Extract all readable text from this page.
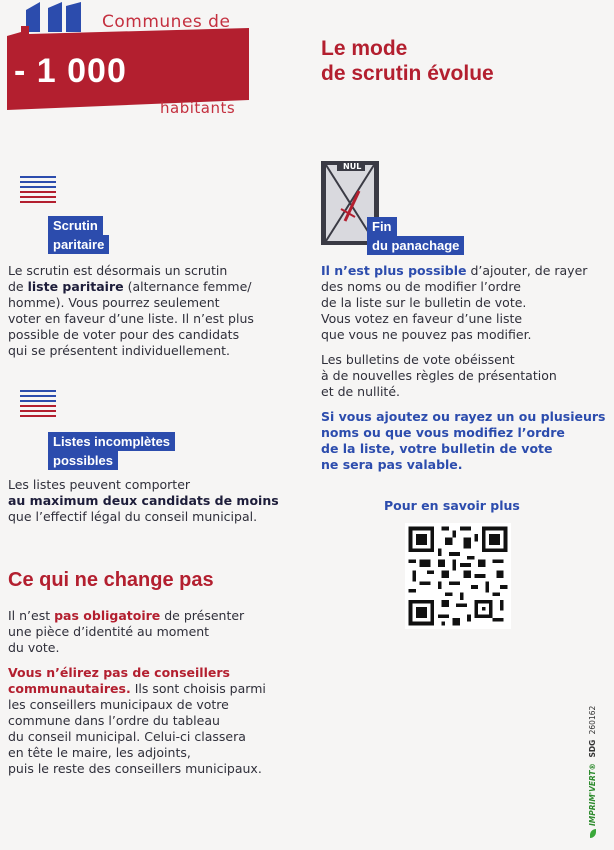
Communes de
- 1 000
habitants
Le mode
de scrutin évolue
Scrutin
paritaire
Le scrutin est désormais un scrutin
de liste paritaire (alternance femme/
homme). Vous pourrez seulement
voter en faveur d’une liste. Il n’est plus
possible de voter pour des candidats
qui se présentent individuellement.
Listes incomplètes
possibles
Les listes peuvent comporter
au maximum deux candidats de moins
que l’effectif légal du conseil municipal.
Ce qui ne change pas
Il n’est pas obligatoire de présenter
une pièce d’identité au moment
du vote.
Vous n’élirez pas de conseillers
communautaires. Ils sont choisis parmi
les conseillers municipaux de votre
commune dans l’ordre du tableau
du conseil municipal. Celui-ci classera
en tête le maire, les adjoints,
puis le reste des conseillers municipaux.
NUL
Fin
du panachage
Il n’est plus possible d’ajouter, de rayer
des noms ou de modifier l’ordre
de la liste sur le bulletin de vote.
Vous votez en faveur d’une liste
que vous ne pouvez pas modifier.
Les bulletins de vote obéissent
à de nouvelles règles de présentation
et de nullité.
Si vous ajoutez ou rayez un ou plusieurs
noms ou que vous modifiez l’ordre
de la liste, votre bulletin de vote
ne sera pas valable.
Pour en savoir plus
IMPRIM'VERT® SDG 260162
